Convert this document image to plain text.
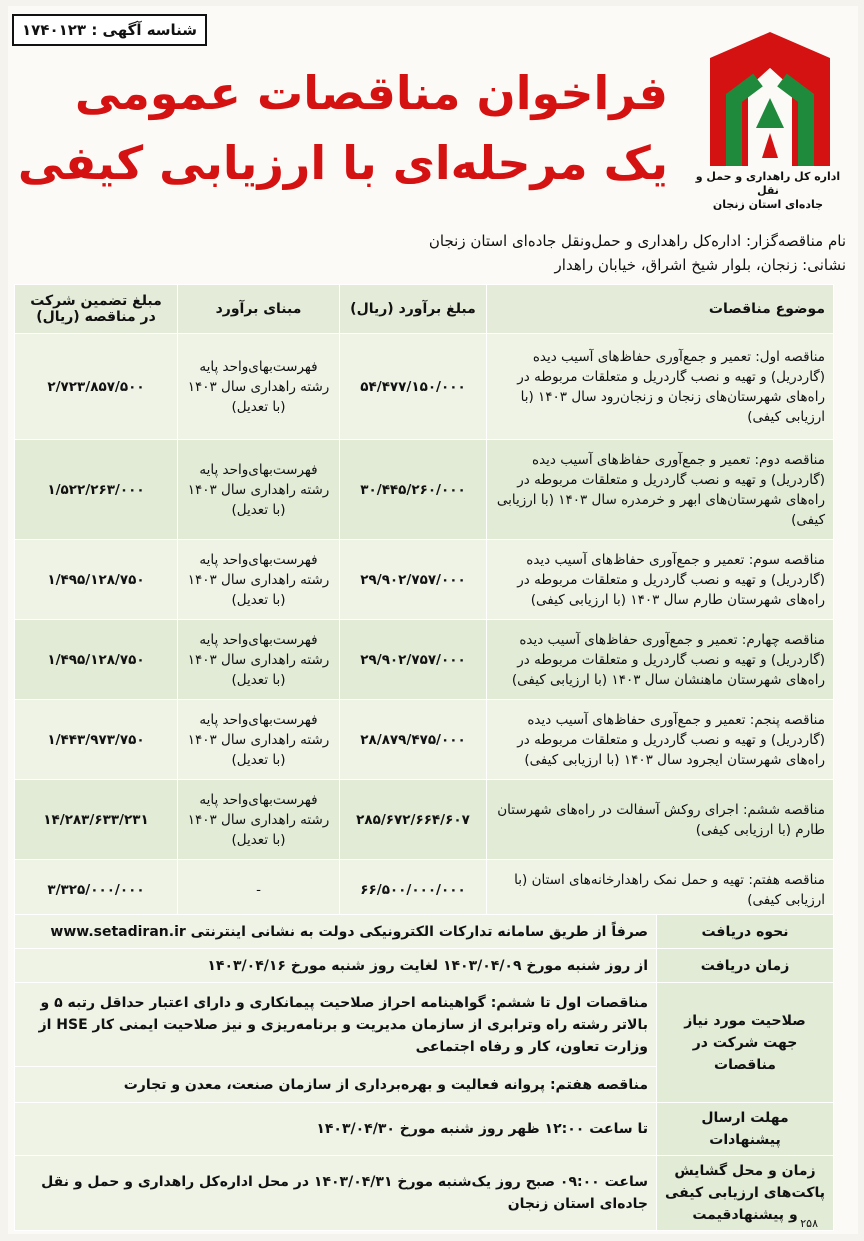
شناسه آگهی : ۱۷۴۰۱۲۳
اداره کل راهداری و حمل و نقل
جاده‌ای استان زنجان
فراخوان مناقصات عمومی
یک مرحله‌ای با ارزیابی کیفی
نام مناقصه‌گزار: اداره‌کل راهداری و حمل‌ونقل جاده‌ای استان زنجان
نشانی: زنجان، بلوار شیخ اشراق، خیابان راهدار
موضوع مناقصات	مبلغ برآورد (ریال)	مبنای برآورد	مبلغ تضمین شرکت در مناقصه (ریال)
مناقصه اول: تعمیر و جمع‌آوری حفاظ‌های آسیب دیده (گاردریل) و تهیه و نصب گاردریل و متعلقات مربوطه در راه‌های شهرستان‌های زنجان و زنجان‌رود سال ۱۴۰۳ (با ارزیابی کیفی)	۵۴/۴۷۷/۱۵۰/۰۰۰	فهرست‌بهای‌واحد پایه رشته راهداری سال ۱۴۰۳ (با تعدیل)	۲/۷۲۳/۸۵۷/۵۰۰
مناقصه دوم: تعمیر و جمع‌آوری حفاظ‌های آسیب دیده (گاردریل) و تهیه و نصب گاردریل و متعلقات مربوطه در راه‌های شهرستان‌های ابهر و خرمدره سال ۱۴۰۳ (با ارزیابی کیفی)	۳۰/۴۴۵/۲۶۰/۰۰۰	فهرست‌بهای‌واحد پایه رشته راهداری سال ۱۴۰۳ (با تعدیل)	۱/۵۲۲/۲۶۳/۰۰۰
مناقصه سوم: تعمیر و جمع‌آوری حفاظ‌های آسیب دیده (گاردریل) و تهیه و نصب گاردریل و متعلقات مربوطه در راه‌های شهرستان طارم سال ۱۴۰۳ (با ارزیابی کیفی)	۲۹/۹۰۲/۷۵۷/۰۰۰	فهرست‌بهای‌واحد پایه رشته راهداری سال ۱۴۰۳ (با تعدیل)	۱/۴۹۵/۱۲۸/۷۵۰
مناقصه چهارم: تعمیر و جمع‌آوری حفاظ‌های آسیب دیده (گاردریل) و تهیه و نصب گاردریل و متعلقات مربوطه در راه‌های شهرستان ماهنشان سال ۱۴۰۳ (با ارزیابی کیفی)	۲۹/۹۰۲/۷۵۷/۰۰۰	فهرست‌بهای‌واحد پایه رشته راهداری سال ۱۴۰۳ (با تعدیل)	۱/۴۹۵/۱۲۸/۷۵۰
مناقصه پنجم: تعمیر و جمع‌آوری حفاظ‌های آسیب دیده (گاردریل) و تهیه و نصب گاردریل و متعلقات مربوطه در راه‌های شهرستان ایجرود سال ۱۴۰۳ (با ارزیابی کیفی)	۲۸/۸۷۹/۴۷۵/۰۰۰	فهرست‌بهای‌واحد پایه رشته راهداری سال ۱۴۰۳ (با تعدیل)	۱/۴۴۳/۹۷۳/۷۵۰
مناقصه ششم: اجرای روکش آسفالت در راه‌های شهرستان طارم (با ارزیابی کیفی)	۲۸۵/۶۷۲/۶۶۴/۶۰۷	فهرست‌بهای‌واحد پایه رشته راهداری سال ۱۴۰۳ (با تعدیل)	۱۴/۲۸۳/۶۳۳/۲۳۱
مناقصه هفتم: تهیه و حمل نمک راهدارخانه‌های استان (با ارزیابی کیفی)	۶۶/۵۰۰/۰۰۰/۰۰۰	-	۳/۳۲۵/۰۰۰/۰۰۰
نحوه دریافت	صرفاً از طریق سامانه تدارکات الکترونیکی دولت به نشانی اینترنتی www.setadiran.ir
زمان دریافت	از روز شنبه مورخ ۱۴۰۳/۰۴/۰۹ لغایت روز شنبه مورخ ۱۴۰۳/۰۴/۱۶
صلاحیت مورد نیاز جهت شرکت در مناقصات	مناقصات اول تا ششم: گواهینامه احراز صلاحیت پیمانکاری و دارای اعتبار حداقل رتبه ۵ و بالاتر رشته راه وترابری از سازمان مدیریت و برنامه‌ریزی و نیز صلاحیت ایمنی کار HSE از وزارت تعاون، کار و رفاه اجتماعی
	مناقصه هفتم: پروانه فعالیت و بهره‌برداری از سازمان صنعت، معدن و تجارت
مهلت ارسال پیشنهادات	تا ساعت ۱۲:۰۰ ظهر روز شنبه مورخ ۱۴۰۳/۰۴/۳۰
زمان و محل گشایش پاکت‌های ارزیابی کیفی و پیشنهادقیمت	ساعت ۰۹:۰۰ صبح روز یک‌شنبه مورخ ۱۴۰۳/۰۴/۳۱ در محل اداره‌کل راهداری و حمل و نقل جاده‌ای استان زنجان
۲۵۸
